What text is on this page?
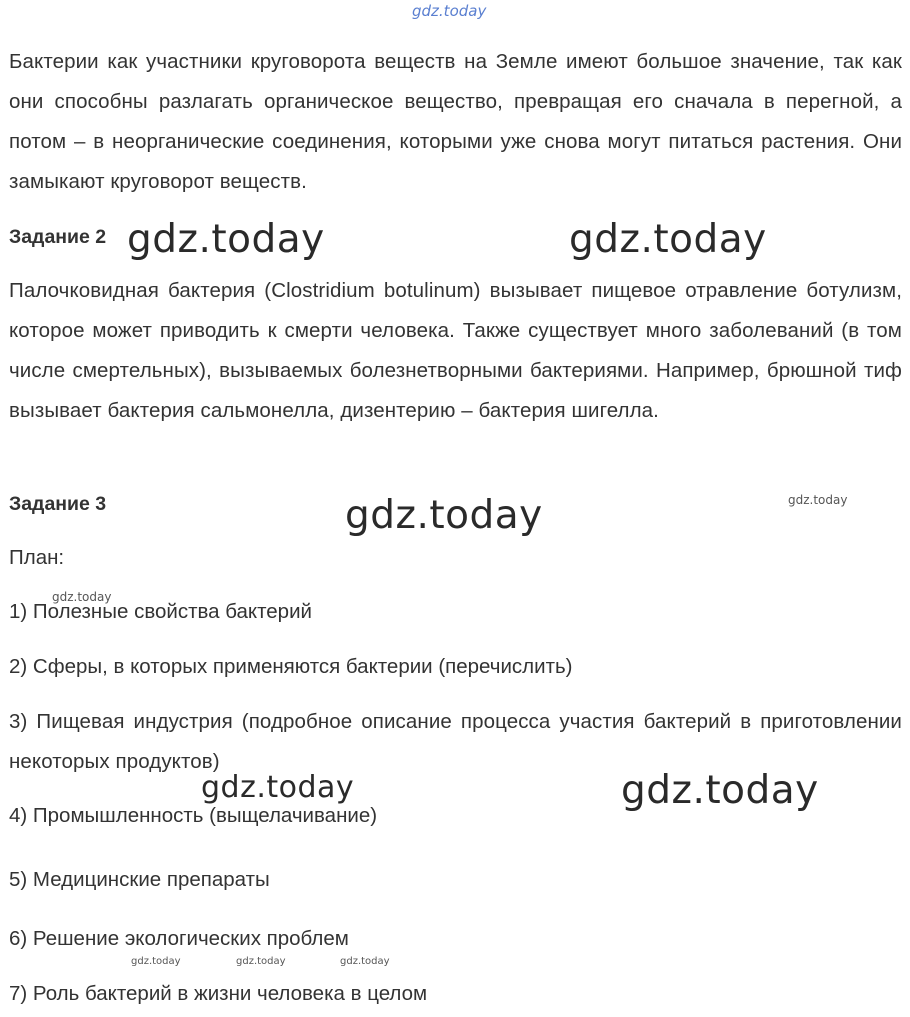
gdz.today

Бактерии как участники круговорота веществ на Земле имеют большое значение, так как они способны разлагать органическое вещество, превращая его сначала в перегной, а потом – в неорганические соединения, которыми уже снова могут питаться растения. Они замыкают круговорот веществ.

Задание 2 gdz.today	gdz.today

Палочковидная бактерия (Clostridium botulinum) вызывает пищевое отравление ботулизм, которое может приводить к смерти человека. Также существует много заболеваний (в том числе смертельных), вызываемых болезнетворными бактериями. Например, брюшной тиф вызывает бактерия сальмонелла, дизентерию – бактерия шигелла.

Задание 3	gdz.today	gdz.today
План:
gdz.today
1) Полезные свойства бактерий
2) Сферы, в которых применяются бактерии (перечислить)

3) Пищевая индустрия (подробное описание процесса участия бактерий в приготовлении некоторых продуктов)

gdz.today	gdz.today
4) Промышленность (выщелачивание)
5) Медицинские препараты
6) Решение экологических проблем
gdz.today	gdz.today	gdz.today
7) Роль бактерий в жизни человека в целом
